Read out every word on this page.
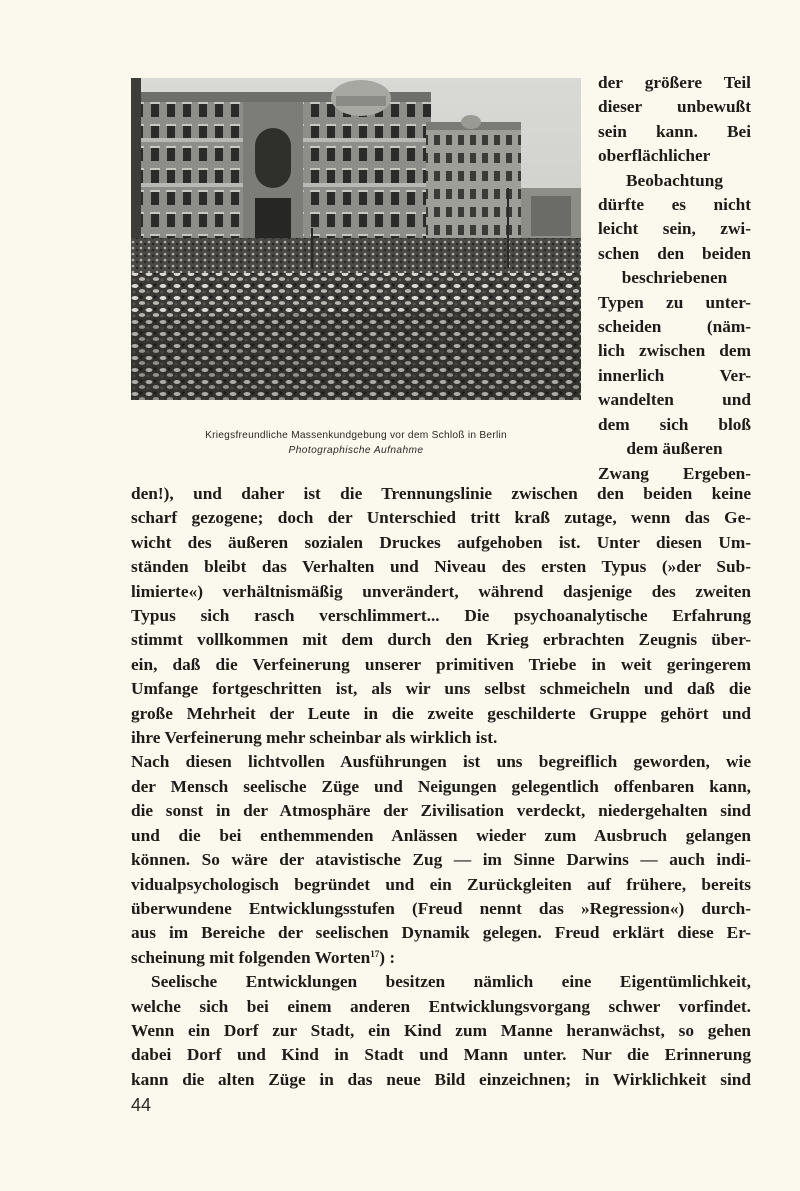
Kriegsfreundliche Massenkundgebung vor dem Schloß in Berlin
Photographische Aufnahme
der größere Teil
dieser unbewußt
sein kann. Bei
oberflächlicher
Beobachtung
dürfte es nicht
leicht sein, zwi-
schen den beiden
beschriebenen
Typen zu unter-
scheiden (näm-
lich zwischen dem
innerlich Ver-
wandelten und
dem sich bloß
dem äußeren
Zwang Ergeben-
den!), und daher ist die Trennungslinie zwischen den beiden keine
scharf gezogene; doch der Unterschied tritt kraß zutage, wenn das Ge-
wicht des äußeren sozialen Druckes aufgehoben ist. Unter diesen Um-
ständen bleibt das Verhalten und Niveau des ersten Typus (»der Sub-
limierte«) verhältnismäßig unverändert, während dasjenige des zweiten
Typus sich rasch verschlimmert... Die psychoanalytische Erfahrung
stimmt vollkommen mit dem durch den Krieg erbrachten Zeugnis über-
ein, daß die Verfeinerung unserer primitiven Triebe in weit geringerem
Umfange fortgeschritten ist, als wir uns selbst schmeicheln und daß die
große Mehrheit der Leute in die zweite geschilderte Gruppe gehört und
ihre Verfeinerung mehr scheinbar als wirklich ist.
Nach diesen lichtvollen Ausführungen ist uns begreiflich geworden, wie
der Mensch seelische Züge und Neigungen gelegentlich offenbaren kann,
die sonst in der Atmosphäre der Zivilisation verdeckt, niedergehalten sind
und die bei enthemmenden Anlässen wieder zum Ausbruch gelangen
können. So wäre der atavistische Zug — im Sinne Darwins — auch indi-
vidualpsychologisch begründet und ein Zurückgleiten auf frühere, bereits
überwundene Entwicklungsstufen (Freud nennt das »Regression«) durch-
aus im Bereiche der seelischen Dynamik gelegen. Freud erklärt diese Er-
scheinung mit folgenden Worten$^{17}$) :
Seelische Entwicklungen besitzen nämlich eine Eigentümlichkeit,
welche sich bei einem anderen Entwicklungsvorgang schwer vorfindet.
Wenn ein Dorf zur Stadt, ein Kind zum Manne heranwächst, so gehen
dabei Dorf und Kind in Stadt und Mann unter. Nur die Erinnerung
kann die alten Züge in das neue Bild einzeichnen; in Wirklichkeit sind
44
